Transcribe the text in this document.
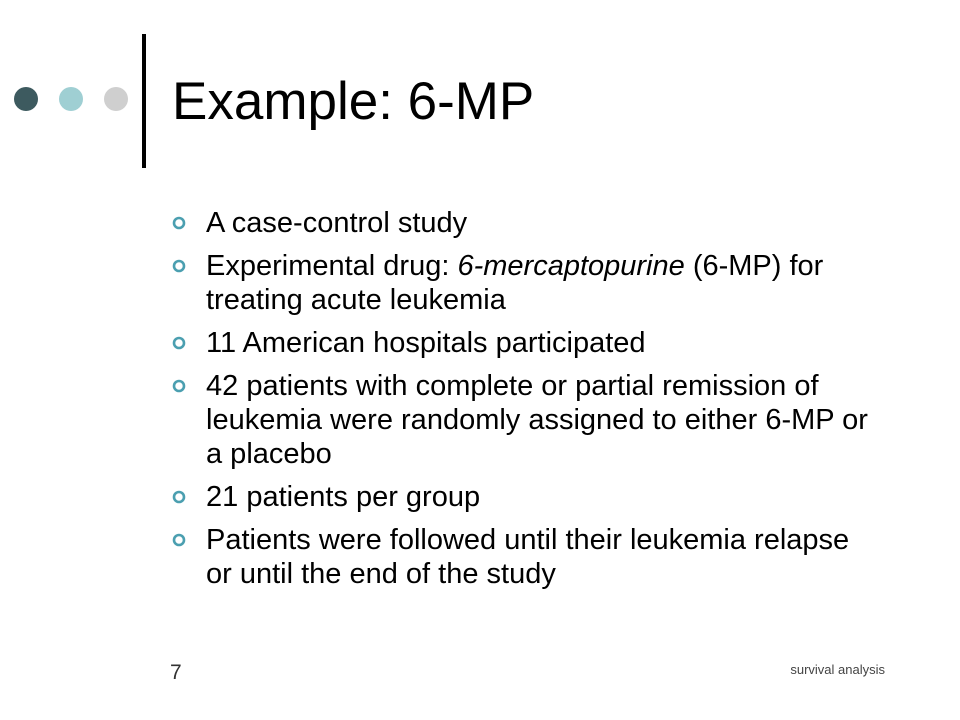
Example: 6-MP
A case-control study
Experimental drug: 6-mercaptopurine (6-MP) for treating acute leukemia
11 American hospitals participated
42 patients with complete or partial remission of leukemia were randomly assigned to either 6-MP or a placebo
21 patients per group
Patients were followed until their leukemia relapse or until the end of the study
7	survival analysis
